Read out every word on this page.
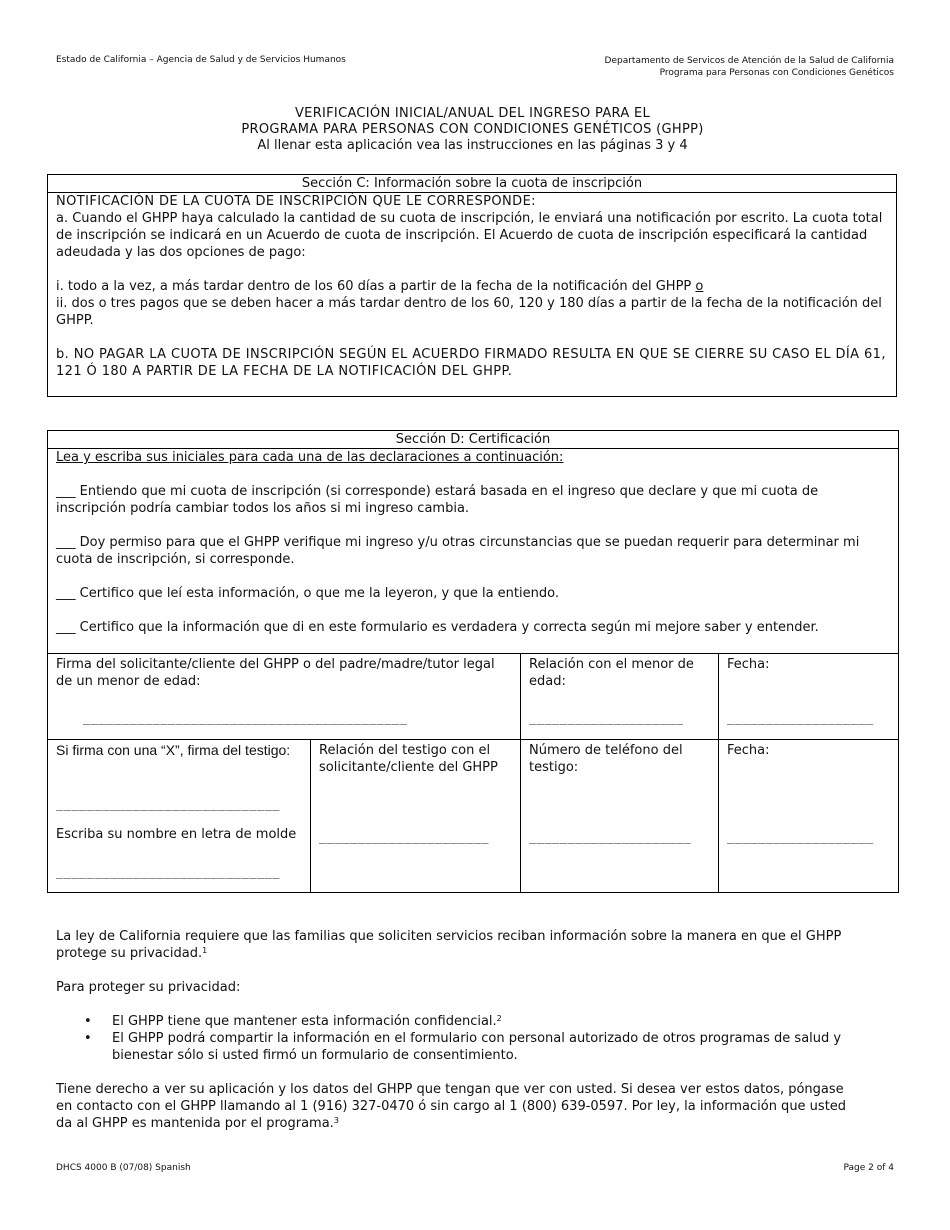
Estado de California – Agencia de Salud y de Servicios Humanos	Departamento de Servicos de Atención de la Salud de California
Programa para Personas con Condiciones Genéticos
VERIFICACIÓN INICIAL/ANUAL DEL INGRESO PARA EL
PROGRAMA PARA PERSONAS CON CONDICIONES GENÉTICOS (GHPP)
Al llenar esta aplicación vea las instrucciones en las páginas 3 y 4
Sección C: Información sobre la cuota de inscripción
NOTIFICACIÓN DE LA CUOTA DE INSCRIPCIÓN QUE LE CORRESPONDE:
a. Cuando el GHPP haya calculado la cantidad de su cuota de inscripción, le enviará una notificación por escrito. La cuota total de inscripción se indicará en un Acuerdo de cuota de inscripción. El Acuerdo de cuota de inscripción especificará la cantidad adeudada y las dos opciones de pago:
i. todo a la vez, a más tardar dentro de los 60 días a partir de la fecha de la notificación del GHPP o
ii. dos o tres pagos que se deben hacer a más tardar dentro de los 60, 120 y 180 días a partir de la fecha de la notificación del GHPP.
b. NO PAGAR LA CUOTA DE INSCRIPCIÓN SEGÚN EL ACUERDO FIRMADO RESULTA EN QUE SE CIERRE SU CASO EL DÍA 61, 121 Ó 180 A PARTIR DE LA FECHA DE LA NOTIFICACIÓN DEL GHPP.
Sección D: Certificación
Lea y escriba sus iniciales para cada una de las declaraciones a continuación:
___ Entiendo que mi cuota de inscripción (si corresponde) estará basada en el ingreso que declare y que mi cuota de inscripción podría cambiar todos los años si mi ingreso cambia.
___ Doy permiso para que el GHPP verifique mi ingreso y/u otras circunstancias que se puedan requerir para determinar mi cuota de inscripción, si corresponde.
___ Certifico que leí esta información, o que me la leyeron, y que la entiendo.
___ Certifico que la información que di en este formulario es verdadera y correcta según mi mejore saber y entender.
Firma del solicitante/cliente del GHPP o del padre/madre/tutor legal de un menor de edad:
__________________________________________
Relación con el menor de edad:
____________________
Fecha:
___________________
Si firma con una “X”, firma del testigo:
_____________________________
Escriba su nombre en letra de molde
_____________________________
Relación del testigo con el solicitante/cliente del GHPP
______________________
Número de teléfono del testigo:
_____________________
Fecha:
___________________

La ley de California requiere que las familias que soliciten servicios reciban información sobre la manera en que el GHPP protege su privacidad.$^1$

Para proteger su privacidad:

• El GHPP tiene que mantener esta información confidencial.$^2$
• El GHPP podrá compartir la información en el formulario con personal autorizado de otros programas de salud y bienestar sólo si usted firmó un formulario de consentimiento.

Tiene derecho a ver su aplicación y los datos del GHPP que tengan que ver con usted. Si desea ver estos datos, póngase en contacto con el GHPP llamando al 1 (916) 327-0470 ó sin cargo al 1 (800) 639-0597. Por ley, la información que usted da al GHPP es mantenida por el programa.$^3$

DHCS 4000 B (07/08) Spanish	Page 2 of 4
